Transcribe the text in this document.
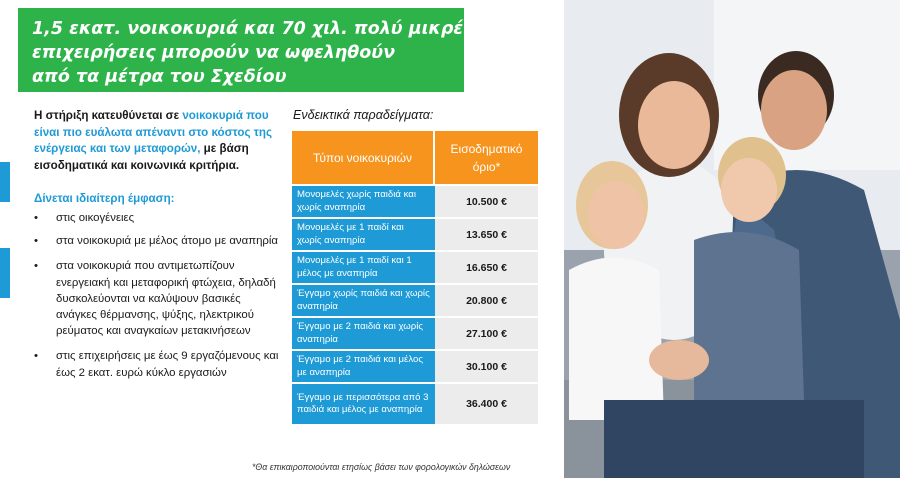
1,5 εκατ. νοικοκυριά και 70 χιλ. πολύ μικρές
επιχειρήσεις μπορούν να ωφεληθούν
από τα μέτρα του Σχεδίου

Η στήριξη κατευθύνεται σε νοικοκυριά που είναι πιο ευάλωτα απέναντι στο κόστος της ενέργειας και των μεταφορών, με βάση εισοδηματικά και κοινωνικά κριτήρια.

Δίνεται ιδιαίτερη έμφαση:
• στις οικογένειες
• στα νοικοκυριά με μέλος άτομο με αναπηρία
• στα νοικοκυριά που αντιμετωπίζουν ενεργειακή και μεταφορική φτώχεια, δηλαδή δυσκολεύονται να καλύψουν βασικές ανάγκες θέρμανσης, ψύξης, ηλεκτρικού ρεύματος και αναγκαίων μετακινήσεων
• στις επιχειρήσεις με έως 9 εργαζόμενους και έως 2 εκατ. ευρώ κύκλο εργασιών
Ενδεικτικά παραδείγματα:
Τύποι νοικοκυριών
Εισοδηματικό
όριο*
Μονομελές χωρίς παιδιά και χωρίς αναπηρία	10.500 €
Μονομελές με 1 παιδί και χωρίς αναπηρία	13.650 €
Μονομελές με 1 παιδί και 1 μέλος με αναπηρία	16.650 €
Έγγαμο χωρίς παιδιά και χωρίς αναπηρία	20.800 €
Έγγαμο με 2 παιδιά και χωρίς αναπηρία	27.100 €
Έγγαμο με 2 παιδιά και μέλος με αναπηρία	30.100 €
Έγγαμο με περισσότερα από 3 παιδιά και μέλος με αναπηρία	36.400 €
*Θα επικαιροποιούνται ετησίως βάσει των φορολογικών δηλώσεων
